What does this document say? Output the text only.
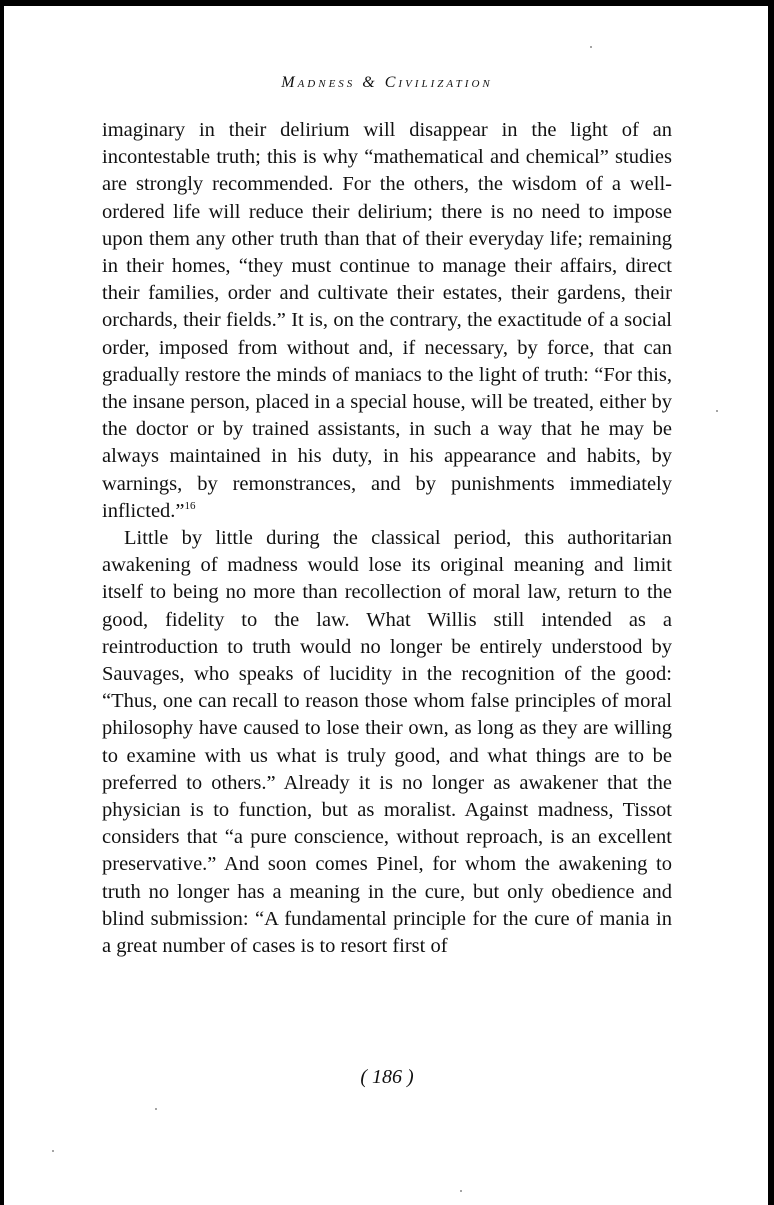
Madness & Civilization

imaginary in their delirium will disappear in the light of an incontestable truth; this is why “mathematical and chemical” studies are strongly recommended. For the others, the wisdom of a well-ordered life will reduce their delirium; there is no need to impose upon them any other truth than that of their everyday life; remaining in their homes, “they must continue to manage their affairs, direct their families, order and cultivate their estates, their gardens, their orchards, their fields.” It is, on the contrary, the exactitude of a social order, imposed from without and, if necessary, by force, that can gradually restore the minds of maniacs to the light of truth: “For this, the insane person, placed in a special house, will be treated, either by the doctor or by trained assistants, in such a way that he may be always maintained in his duty, in his appearance and habits, by warnings, by remonstrances, and by punishments immediately inflicted.”$^{16}$

Little by little during the classical period, this authoritarian awakening of madness would lose its original meaning and limit itself to being no more than recollection of moral law, return to the good, fidelity to the law. What Willis still intended as a reintroduction to truth would no longer be entirely understood by Sauvages, who speaks of lucidity in the recognition of the good: “Thus, one can recall to reason those whom false principles of moral philosophy have caused to lose their own, as long as they are willing to examine with us what is truly good, and what things are to be preferred to others.” Already it is no longer as awakener that the physician is to function, but as moralist. Against madness, Tissot considers that “a pure conscience, without reproach, is an excellent preservative.” And soon comes Pinel, for whom the awakening to truth no longer has a meaning in the cure, but only obedience and blind submission: “A fundamental principle for the cure of mania in a great number of cases is to resort first of

( 186 )
